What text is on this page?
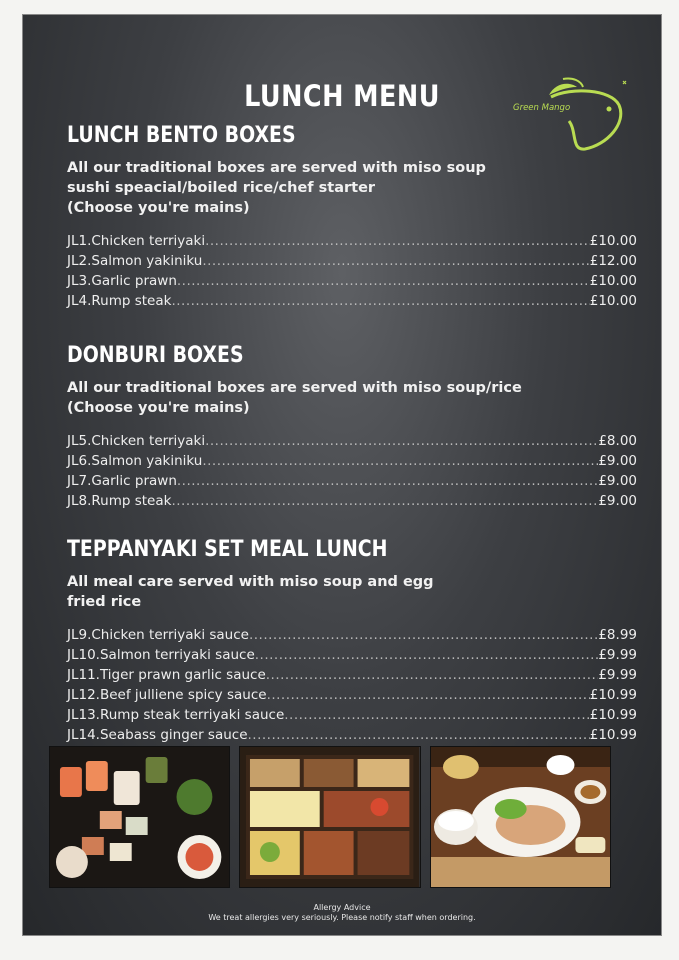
LUNCH MENU	Green Mango
LUNCH BENTO BOXES
All our traditional boxes are served with miso soup
sushi speacial/boiled rice/chef starter
(Choose you're mains)
JL1.Chicken terriyaki .....	£10.00
JL2.Salmon yakiniku .....	£12.00
JL3.Garlic prawn .....	£10.00
JL4.Rump steak .....	£10.00
DONBURI BOXES
All our traditional boxes are served with miso soup/rice
(Choose you're mains)
JL5.Chicken terriyaki .....	£8.00
JL6.Salmon yakiniku .....	£9.00
JL7.Garlic prawn .....	£9.00
JL8.Rump steak .....	£9.00
TEPPANYAKI SET MEAL LUNCH
All meal care served with miso soup and egg
fried rice
JL9.Chicken terriyaki sauce .....	£8.99
JL10.Salmon terriyaki sauce .....	£9.99
JL11.Tiger prawn garlic sauce .....	£9.99
JL12.Beef julliene spicy sauce .....	£10.99
JL13.Rump steak terriyaki sauce .....	£10.99
JL14.Seabass ginger sauce .....	£10.99
Allergy Advice
We treat allergies very seriously. Please notify staff when ordering.
